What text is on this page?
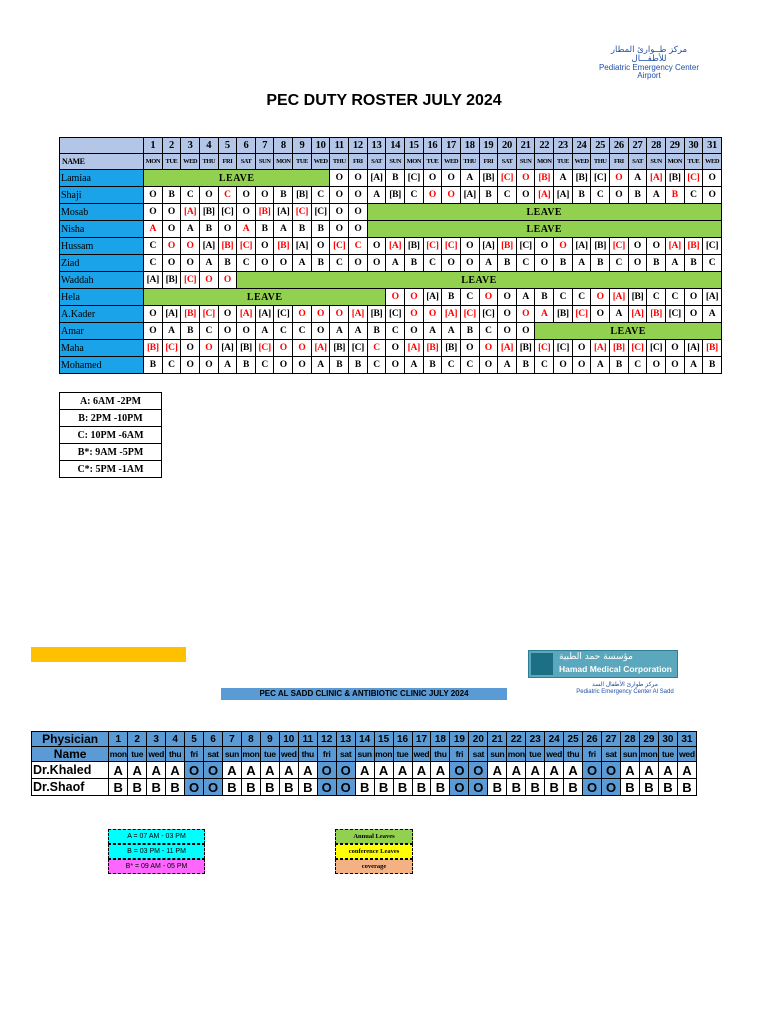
مركز طــوارئ المطار
للأطفـــال
Pediatric Emergency Center
Airport
PEC DUTY ROSTER JULY 2024
	1	2	3	4	5	6	7	8	9	10	11	12	13	14	15	16	17	18	19	20	21	22	23	24	25	26	27	28	29	30	31
NAME	MON	TUE	WED	THU	FRI	SAT	SUN	MON	TUE	WED	THU	FRI	SAT	SUN	MON	TUE	WED	THU	FRI	SAT	SUN	MON	TUE	WED	THU	FRI	SAT	SUN	MON	TUE	WED
Lamiaa	LEAVE										O	O	[A]	B	[C]	O	O	A	[B]	[C]	O	[B]	A	[B]	[C]	O	A	[A]	[B]	[C]	O
Shaji	O	B	C	O	C	O	O	B	[B]	C	O	O	A	[B]	C	O	O	[A]	B	C	O	[A]	[A]	B	C	O	B	A	B	C	O
Mosab	O	O	[A]	[B]	[C]	O	[B]	[A]	[C]	[C]	O	O	LEAVE																		
Nisha	A	O	A	B	O	A	B	A	B	B	O	O	LEAVE																		
Hussam	C	O	O	[A]	[B]	[C]	O	[B]	[A]	O	[C]	C	O	[A]	[B]	[C]	[C]	O	[A]	[B]	[C]	O	O	[A]	[B]	[C]	O	O	[A]	[B]	[C]
Ziad	C	O	O	A	B	C	O	O	A	B	C	O	O	A	B	C	O	O	A	B	C	O	B	A	B	C	O	B	A	B	C
Waddah	[A]	[B]	[C]	O	O	LEAVE																									
Hela	LEAVE													O	O	[A]	B	C	O	O	A	B	C	C	O	[A]	[B]	C	C	O	[A]
A.Kader	O	[A]	[B]	[C]	O	[A]	[A]	[C]	O	O	O	[A]	[B]	[C]	O	O	[A]	[C]	[C]	O	O	A	[B]	[C]	O	A	[A]	[B]	[C]	O	A
Amar	O	A	B	C	O	O	A	C	C	O	A	A	B	C	O	A	A	B	C	O	O	LEAVE									
Maha	[B]	[C]	O	O	[A]	[B]	[C]	O	O	[A]	[B]	[C]	C	O	[A]	[B]	[B]	O	O	[A]	[B]	[C]	[C]	O	[A]	[B]	[C]	[C]	O	[A]	[B]
Mohamed	B	C	O	O	A	B	C	O	O	A	B	B	C	O	A	B	C	C	O	A	B	C	O	O	A	B	C	O	O	A	B
A: 6AM -2PM
B: 2PM -10PM
C: 10PM -6AM
B*: 9AM -5PM
C*: 5PM -1AM
مؤسسة حمد الطبية
Hamad Medical Corporation
مركز طوارئ الأطفال السد
Pediatric Emergency Center Al Sadd
PEC AL SADD CLINIC & ANTIBIOTIC CLINIC JULY 2024
Physician	1	2	3	4	5	6	7	8	9	10	11	12	13	14	15	16	17	18	19	20	21	22	23	24	25	26	27	28	29	30	31
Name	mon	tue	wed	thu	fri	sat	sun	mon	tue	wed	thu	fri	sat	sun	mon	tue	wed	thu	fri	sat	sun	mon	tue	wed	thu	fri	sat	sun	mon	tue	wed
Dr.Khaled	A	A	A	A	O	O	A	A	A	A	A	O	O	A	A	A	A	A	O	O	A	A	A	A	A	O	O	A	A	A	A
Dr.Shaof	B	B	B	B	O	O	B	B	B	B	B	O	O	B	B	B	B	B	O	O	B	B	B	B	B	O	O	B	B	B	B
A = 07 AM - 03 PM
B = 03 PM - 11 PM
B* = 09 AM - 05 PM
Annual Leaves
conference Leaves
coverage
